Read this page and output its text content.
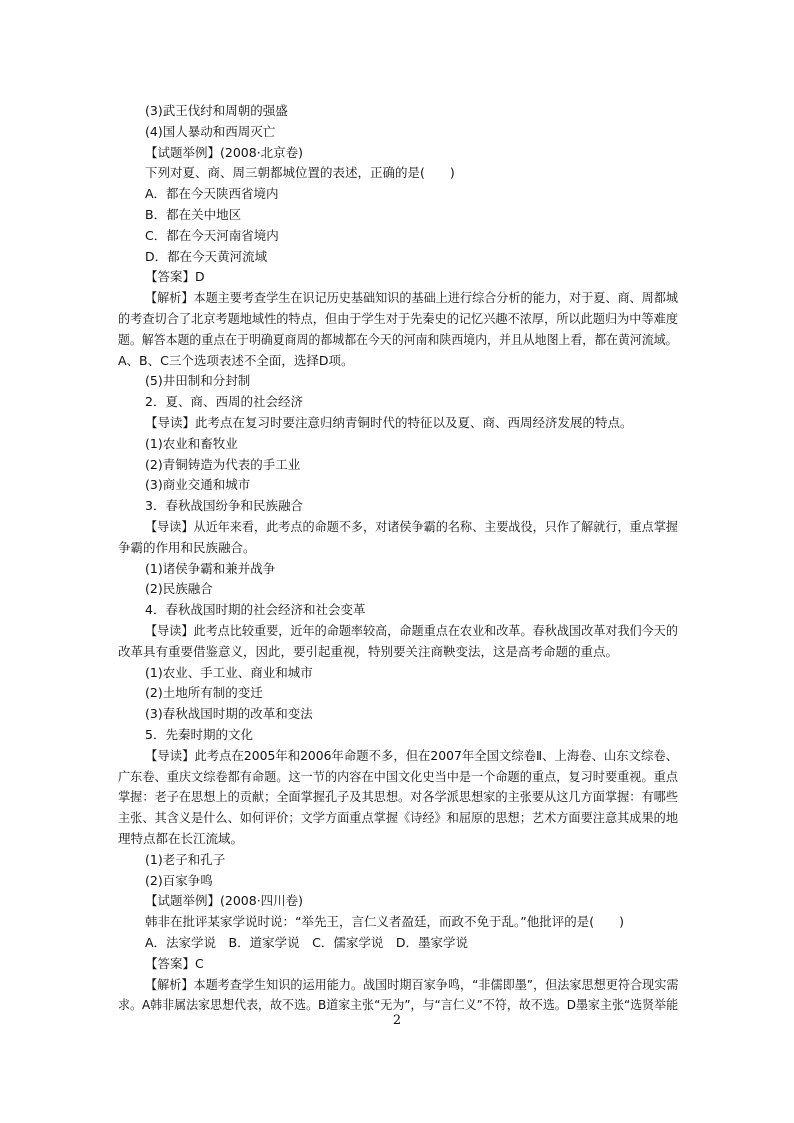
(3)武王伐纣和周朝的强盛
(4)国人暴动和西周灭亡
【试题举例】(2008·北京卷)
下列对夏、商、周三朝都城位置的表述，正确的是(　　)
A．都在今天陕西省境内
B．都在关中地区
C．都在今天河南省境内
D．都在今天黄河流域
【答案】D
【解析】本题主要考查学生在识记历史基础知识的基础上进行综合分析的能力，对于夏、商、周都城
的考查切合了北京考题地域性的特点，但由于学生对于先秦史的记忆兴趣不浓厚，所以此题归为中等难度
题。解答本题的重点在于明确夏商周的都城都在今天的河南和陕西境内，并且从地图上看，都在黄河流域。
A、B、C三个选项表述不全面，选择D项。
(5)井田制和分封制
2．夏、商、西周的社会经济
【导读】此考点在复习时要注意归纳青铜时代的特征以及夏、商、西周经济发展的特点。
(1)农业和畜牧业
(2)青铜铸造为代表的手工业
(3)商业交通和城市
3．春秋战国纷争和民族融合
【导读】从近年来看，此考点的命题不多，对诸侯争霸的名称、主要战役，只作了解就行，重点掌握
争霸的作用和民族融合。
(1)诸侯争霸和兼并战争
(2)民族融合
4．春秋战国时期的社会经济和社会变革
【导读】此考点比较重要，近年的命题率较高，命题重点在农业和改革。春秋战国改革对我们今天的
改革具有重要借鉴意义，因此，要引起重视，特别要关注商鞅变法，这是高考命题的重点。
(1)农业、手工业、商业和城市
(2)土地所有制的变迁
(3)春秋战国时期的改革和变法
5．先秦时期的文化
【导读】此考点在2005年和2006年命题不多，但在2007年全国文综卷Ⅱ、上海卷、山东文综卷、
广东卷、重庆文综卷都有命题。这一节的内容在中国文化史当中是一个命题的重点，复习时要重视。重点
掌握：老子在思想上的贡献；全面掌握孔子及其思想。对各学派思想家的主张要从这几方面掌握：有哪些
主张、其含义是什么、如何评价；文学方面重点掌握《诗经》和屈原的思想；艺术方面要注意其成果的地
理特点都在长江流域。
(1)老子和孔子
(2)百家争鸣
【试题举例】(2008·四川卷)
韩非在批评某家学说时说：“举先王，言仁义者盈廷，而政不免于乱。”他批评的是(　　)
A．法家学说　B．道家学说　C．儒家学说　D．墨家学说
【答案】C
【解析】本题考查学生知识的运用能力。战国时期百家争鸣，“非儒即墨”，但法家思想更符合现实需
求。A韩非属法家思想代表，故不选。B道家主张“无为”，与“言仁义”不符，故不选。D墨家主张“选贤举能
2
